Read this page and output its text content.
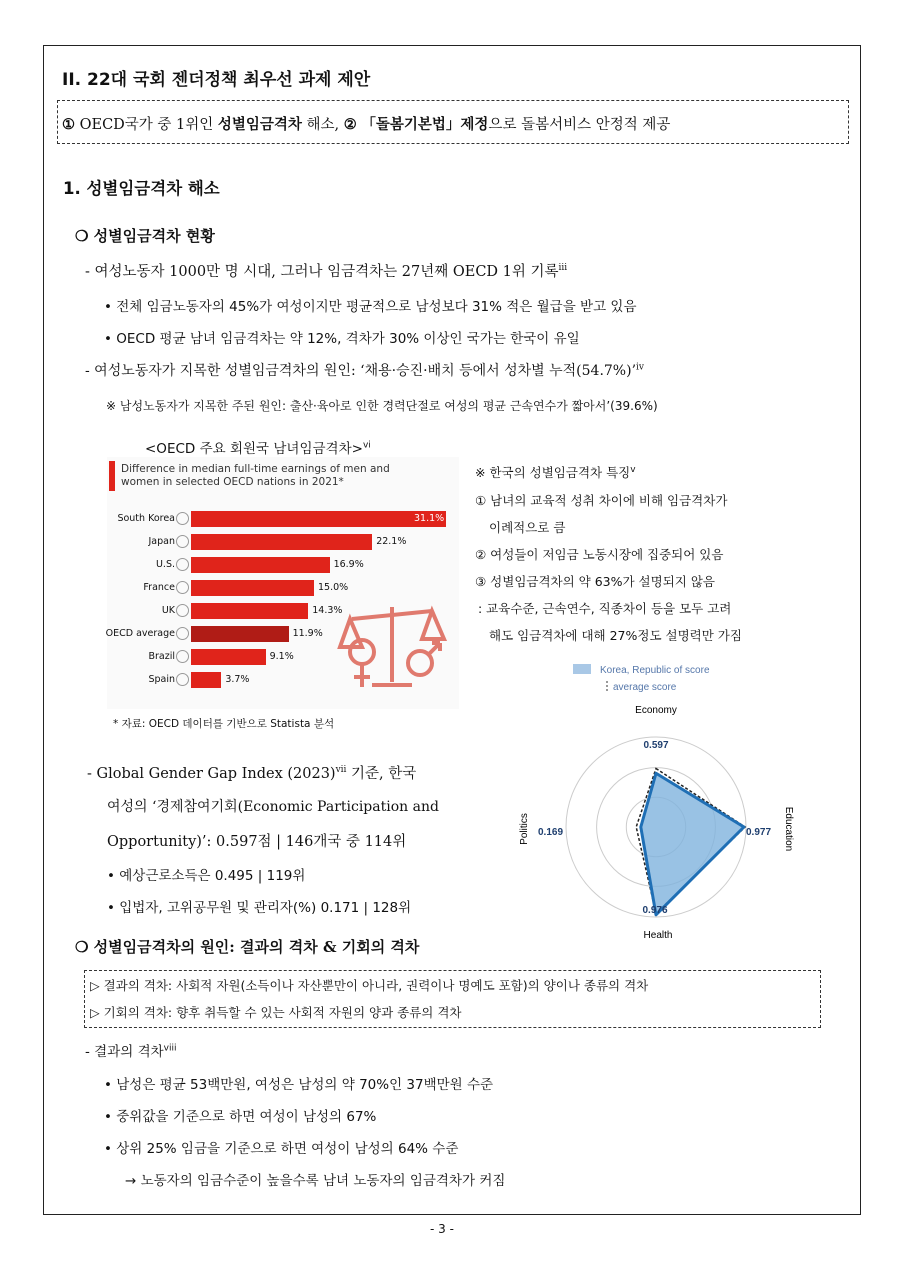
II. 22대 국회 젠더정책 최우선 과제 제안
① OECD국가 중 1위인 성별임금격차 해소, ② 「돌봄기본법」제정으로 돌봄서비스 안정적 제공
1. 성별임금격차 해소
❍ 성별임금격차 현황
- 여성노동자 1000만 명 시대, 그러나 임금격차는 27년째 OECD 1위 기록$^{iii}$
• 전체 임금노동자의 45%가 여성이지만 평균적으로 남성보다 31% 적은 월급을 받고 있음
• OECD 평균 남녀 임금격차는 약 12%, 격차가 30% 이상인 국가는 한국이 유일
- 여성노동자가 지목한 성별임금격차의 원인: ‘채용·승진·배치 등에서 성차별 누적(54.7%)’$^{iv}$
※ 남성노동자가 지목한 주된 원인: 출산·육아로 인한 경력단절로 여성의 평균 근속연수가 짧아서’(39.6%)
<OECD 주요 회원국 남녀임금격차>$^{vi}$
Difference in median full-time earnings of men and women in selected OECD nations in 2021*
South Korea	31.1%
Japan	22.1%
U.S.	16.9%
France	15.0%
UK	14.3%
OECD average	11.9%
Brazil	9.1%
Spain	3.7%
* 자료: OECD 데이터를 기반으로 Statista 분석
※ 한국의 성별임금격차 특징$^v$
① 남녀의 교육적 성취 차이에 비해 임금격차가
이례적으로 큼
② 여성들이 저임금 노동시장에 집중되어 있음
③ 성별임금격차의 약 63%가 설명되지 않음
: 교육수준, 근속연수, 직종차이 등을 모두 고려
해도 임금격차에 대해 27%정도 설명력만 가짐
- Global Gender Gap Index $(2023)^{vii}$ 기준, 한국
여성의 ‘경제참여기회(Economic Participation and
Opportunity)’: 0.597점 | 146개국 중 114위
• 예상근로소득은 0.495 | 119위
• 입법자, 고위공무원 및 관리자(%) 0.171 | 128위
Korea, Republic of score
average score
Economy
Health
Education
Politics
0.597
0.977
0.976
0.169
❍ 성별임금격차의 원인: 결과의 격차 & 기회의 격차
▷ 결과의 격차: 사회적 자원(소득이나 자산뿐만이 아니라, 권력이나 명예도 포함)의 양이나 종류의 격차
▷ 기회의 격차: 향후 취득할 수 있는 사회적 자원의 양과 종류의 격차
- 결과의 격차$^{viii}$
• 남성은 평균 53백만원, 여성은 남성의 약 70%인 37백만원 수준
• 중위값을 기준으로 하면 여성이 남성의 67%
• 상위 25% 임금을 기준으로 하면 여성이 남성의 64% 수준
→ 노동자의 임금수준이 높을수록 남녀 노동자의 임금격차가 커짐
- 3 -
